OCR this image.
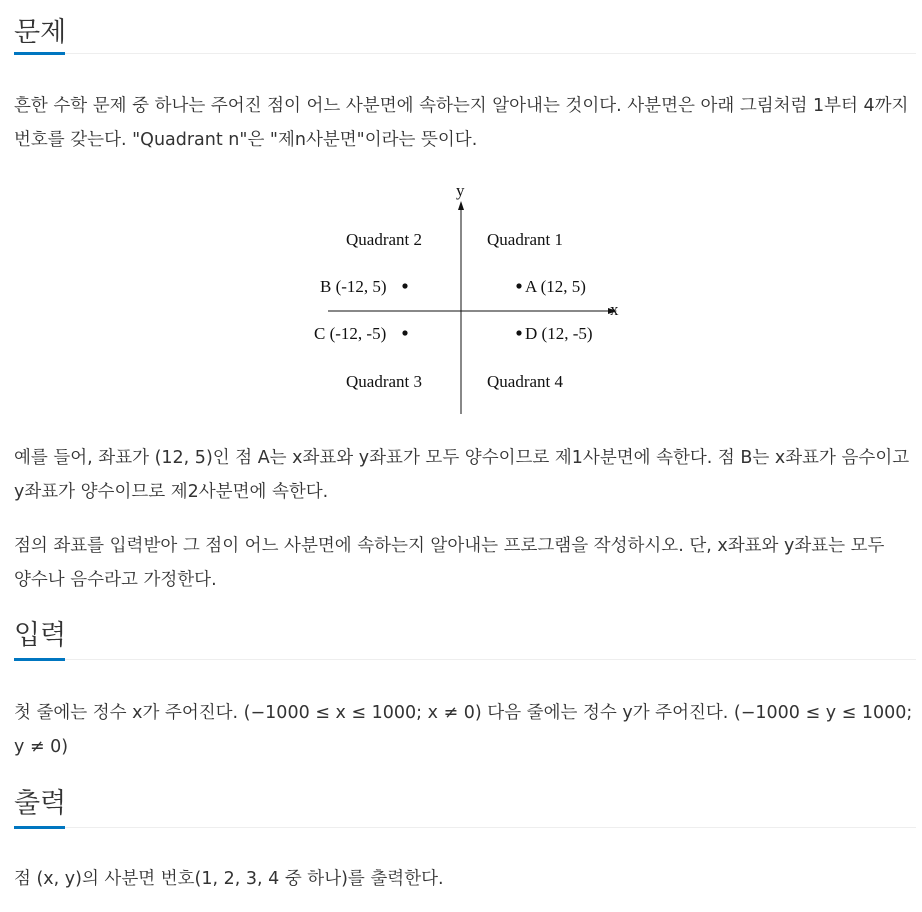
문제

흔한 수학 문제 중 하나는 주어진 점이 어느 사분면에 속하는지 알아내는 것이다. 사분면은 아래 그림처럼 1부터 4까지 번호를 갖는다. "Quadrant n"은 "제n사분면"이라는 뜻이다.

y
x
Quadrant 1
Quadrant 2
Quadrant 3	Quadrant 4
A (12, 5)
B (-12, 5)
C (-12, -5)	D (12, -5)

예를 들어, 좌표가 (12, 5)인 점 A는 x좌표와 y좌표가 모두 양수이므로 제1사분면에 속한다. 점 B는 x좌표가 음수이고 y좌표가 양수이므로 제2사분면에 속한다.

점의 좌표를 입력받아 그 점이 어느 사분면에 속하는지 알아내는 프로그램을 작성하시오. 단, x좌표와 y좌표는 모두 양수나 음수라고 가정한다.

입력

첫 줄에는 정수 x가 주어진다. (−1000 ≤ x ≤ 1000; x ≠ 0) 다음 줄에는 정수 y가 주어진다. (−1000 ≤ y ≤ 1000; y ≠ 0)

출력

점 (x, y)의 사분면 번호(1, 2, 3, 4 중 하나)를 출력한다.
